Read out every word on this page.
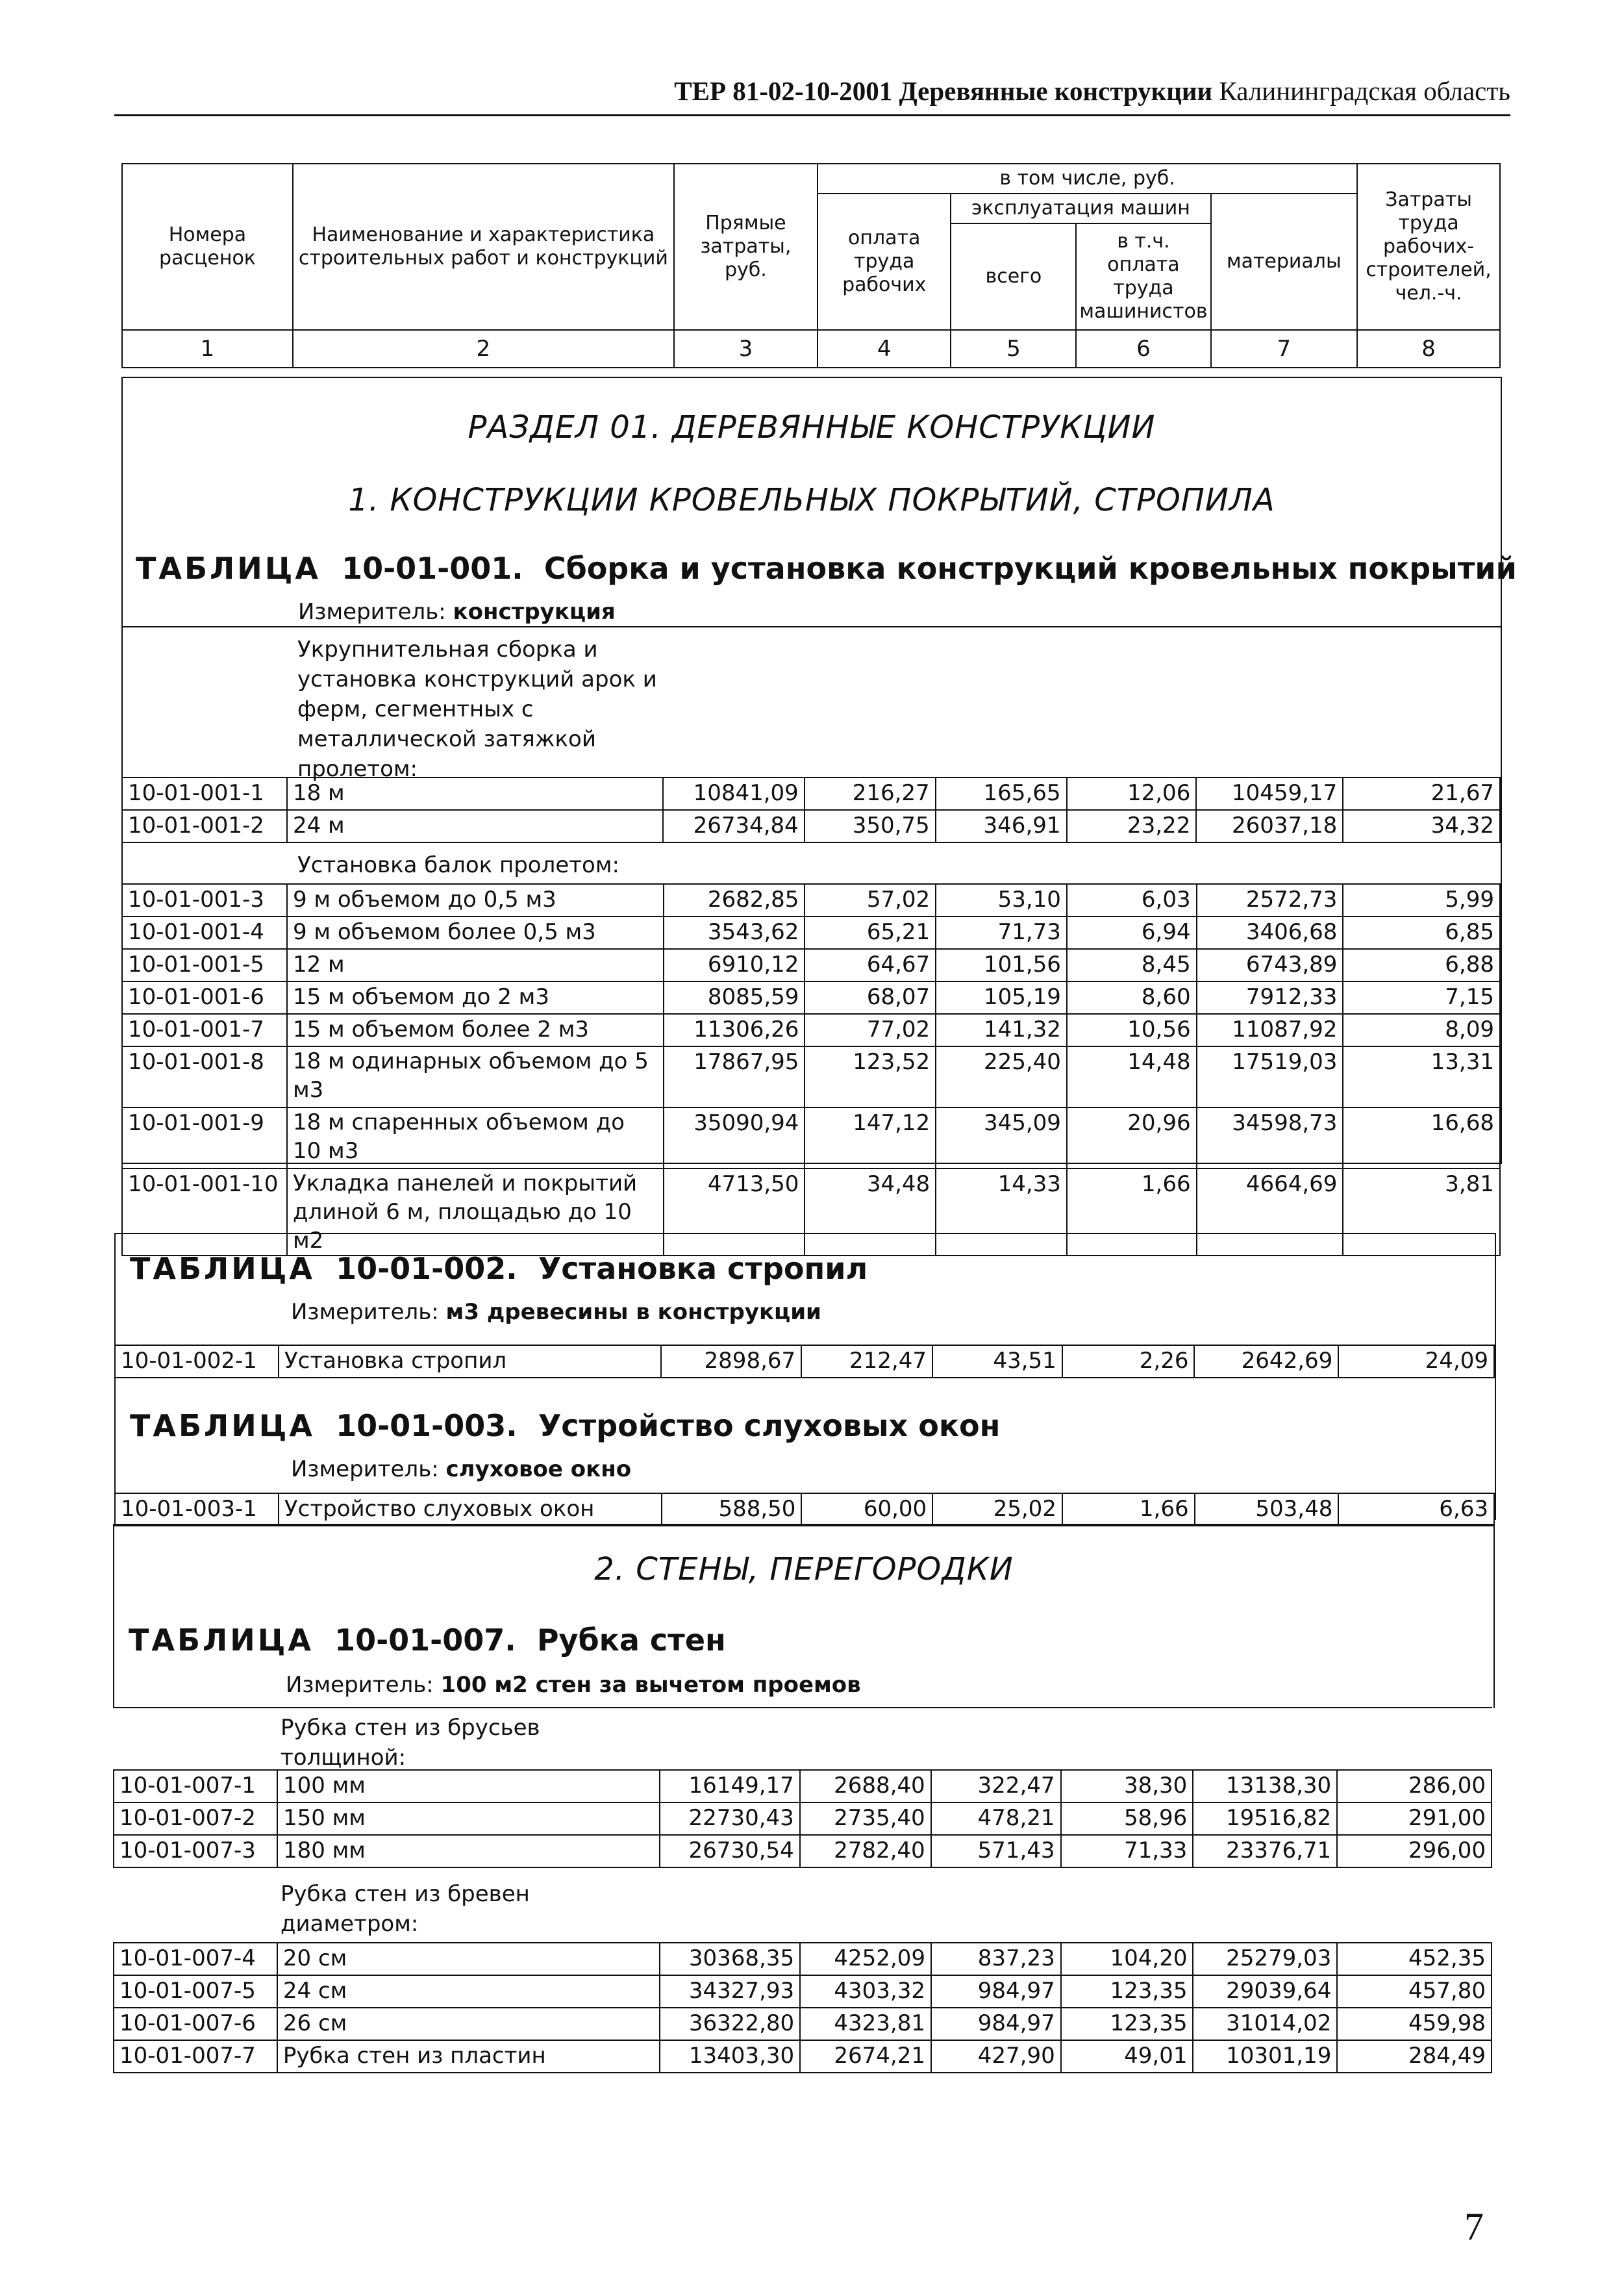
ТЕР 81-02-10-2001 Деревянные конструкции Калининградская область
Номера расценок	Наименование и характеристика строительных работ и конструкций	Прямые затраты, руб.	в том числе, руб.				Затраты труда рабочих-строителей, чел.-ч.
			оплата труда рабочих	эксплуатация машин		материалы	
				всего	в т.ч. оплата труда машинистов		
1	2	3	4	5	6	7	8
РАЗДЕЛ 01. ДЕРЕВЯННЫЕ КОНСТРУКЦИИ
1. КОНСТРУКЦИИ КРОВЕЛЬНЫХ ПОКРЫТИЙ, СТРОПИЛА
ТАБЛИЦА 10-01-001. Сборка и установка конструкций кровельных покрытий
Измеритель: конструкция
Укрупнительная сборка и установка конструкций арок и ферм, сегментных с металлической затяжкой пролетом:
10-01-001-1	18 м	10841,09	216,27	165,65	12,06	10459,17	21,67
10-01-001-2	24 м	26734,84	350,75	346,91	23,22	26037,18	34,32
Установка балок пролетом:
10-01-001-3	9 м объемом до 0,5 м3	2682,85	57,02	53,10	6,03	2572,73	5,99
10-01-001-4	9 м объемом более 0,5 м3	3543,62	65,21	71,73	6,94	3406,68	6,85
10-01-001-5	12 м	6910,12	64,67	101,56	8,45	6743,89	6,88
10-01-001-6	15 м объемом до 2 м3	8085,59	68,07	105,19	8,60	7912,33	7,15
10-01-001-7	15 м объемом более 2 м3	11306,26	77,02	141,32	10,56	11087,92	8,09
10-01-001-8	18 м одинарных объемом до 5 м3	17867,95	123,52	225,40	14,48	17519,03	13,31
10-01-001-9	18 м спаренных объемом до 10 м3	35090,94	147,12	345,09	20,96	34598,73	16,68
10-01-001-10	Укладка панелей и покрытий длиной 6 м, площадью до 10 м2	4713,50	34,48	14,33	1,66	4664,69	3,81
ТАБЛИЦА 10-01-002. Установка стропил
Измеритель: м3 древесины в конструкции
10-01-002-1	Установка стропил	2898,67	212,47	43,51	2,26	2642,69	24,09
ТАБЛИЦА 10-01-003. Устройство слуховых окон
Измеритель: слуховое окно
10-01-003-1	Устройство слуховых окон	588,50	60,00	25,02	1,66	503,48	6,63
2. СТЕНЫ, ПЕРЕГОРОДКИ
ТАБЛИЦА 10-01-007. Рубка стен
Измеритель: 100 м2 стен за вычетом проемов
Рубка стен из брусьев толщиной:
10-01-007-1	100 мм	16149,17	2688,40	322,47	38,30	13138,30	286,00
10-01-007-2	150 мм	22730,43	2735,40	478,21	58,96	19516,82	291,00
10-01-007-3	180 мм	26730,54	2782,40	571,43	71,33	23376,71	296,00
Рубка стен из бревен диаметром:
10-01-007-4	20 см	30368,35	4252,09	837,23	104,20	25279,03	452,35
10-01-007-5	24 см	34327,93	4303,32	984,97	123,35	29039,64	457,80
10-01-007-6	26 см	36322,80	4323,81	984,97	123,35	31014,02	459,98
10-01-007-7	Рубка стен из пластин	13403,30	2674,21	427,90	49,01	10301,19	284,49
7
